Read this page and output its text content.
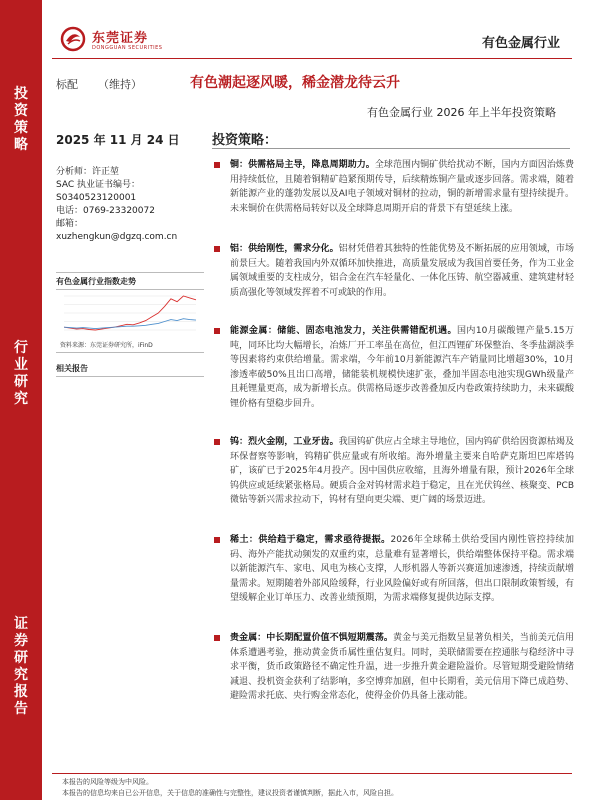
投
资
策
略
行
业
研
究
证
券
研
究
报
告
东莞证券
DONGGUAN SECURITIES	有色金属行业
标配 （维持）	有色潮起逐风暖，稀金潜龙待云升
有色金属行业 2026 年上半年投资策略
2025 年 11 月 24 日
分析师：许正堃
SAC 执业证书编号：
S0340523120001
电话：0769-23320072
邮箱：
xuzhengkun@dgzq.com.cn
有色金属行业指数走势
资料来源：东莞证券研究所，iFinD
相关报告
投资策略：
铜：供需格局主导，降息周期助力。全球范围内铜矿供给扰动不断，国内方面因治炼费用持续低位，且随着铜精矿趋紧预期传导，后续精炼铜产量或逐步回落。需求端，随着新能源产业的蓬勃发展以及AI电子领域对铜材的拉动，铜的新增需求量有望持续提升。未来铜价在供需格局转好以及全球降息周期开启的背景下有望延续上涨。
铝：供给刚性，需求分化。铝材凭借着其独特的性能优势及不断拓展的应用领域，市场前景巨大。随着我国内外双循环加快推进，高质量发展成为我国首要任务，作为工业金属领域重要的支柱成分，铝合金在汽车轻量化、一体化压铸、航空器减重、建筑建材轻质高强化等领域发挥着不可或缺的作用。
能源金属：储能、固态电池发力，关注供需错配机遇。国内10月碳酸锂产量5.15万吨，同环比均大幅增长，冶炼厂开工率虽在高位，但江西锂矿环保整治、冬季盐湖淡季等因素将约束供给增量。需求端，今年前10月新能源汽车产销量同比增超30%，10月渗透率破50%且出口高增，储能装机规模快速扩张，叠加半固态电池实现GWh级量产且耗锂量更高，成为新增长点。供需格局逐步改善叠加反内卷政策持续助力，未来碳酸锂价格有望稳步回升。
钨：烈火金刚，工业牙齿。我国钨矿供应占全球主导地位，国内钨矿供给因资源枯竭及环保督察等影响，钨精矿供应量或有所收缩。海外增量主要来自哈萨克斯坦巴库塔钨矿，该矿已于2025年4月投产。因中国供应收缩，且海外增量有限，预计2026年全球钨供应或延续紧张格局。硬质合金对钨材需求趋于稳定，且在光伏钨丝、核聚变、PCB微钻等新兴需求拉动下，钨材有望向更尖端、更广阔的场景迈进。
稀土：供给趋于稳定，需求亟待提振。2026年全球稀土供给受国内刚性管控持续加码、海外产能扰动频发的双重约束，总量难有显著增长，供给端整体保持平稳。需求端以新能源汽车、家电、风电为核心支撑，人形机器人等新兴赛道加速渗透，持续贡献增量需求。短期随着外部风险缓释，行业风险偏好或有所回落，但出口限制政策暂缓，有望缓解企业订单压力、改善业绩预期，为需求端修复提供边际支撑。
贵金属：中长期配置价值不惧短期震荡。黄金与美元指数呈显著负相关，当前美元信用体系遭遇考验，推动黄金货币属性重估复归。同时，美联储需要在控通胀与稳经济中寻求平衡，货币政策路径不确定性升温，进一步推升黄金避险溢价。尽管短期受避险情绪减退、投机资金获利了结影响，多空博弈加剧，但中长期看，美元信用下降已成趋势、避险需求托底、央行购金常态化，使得金价仍具备上涨动能。
本报告的风险等级为中风险。
本报告的信息均来自已公开信息，关于信息的准确性与完整性，建议投资者谨慎判断，据此入市，风险自担。
